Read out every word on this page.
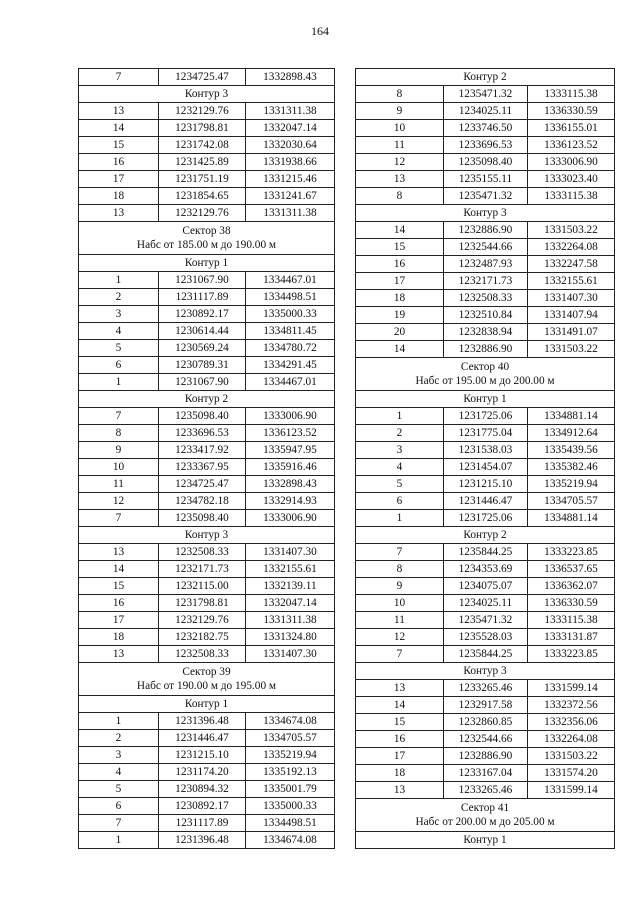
164
7	1234725.47	1332898.43
Контур 3		
13	1232129.76	1331311.38
14	1231798.81	1332047.14
15	1231742.08	1332030.64
16	1231425.89	1331938.66
17	1231751.19	1331215.46
18	1231854.65	1331241.67
13	1232129.76	1331311.38

Сектор 38
Набс от 185.00 м до 190.00 м		

Контур 1		
1	1231067.90	1334467.01
2	1231117.89	1334498.51
3	1230892.17	1335000.33
4	1230614.44	1334811.45
5	1230569.24	1334780.72
6	1230789.31	1334291.45
1	1231067.90	1334467.01
Контур 2		
7	1235098.40	1333006.90
8	1233696.53	1336123.52
9	1233417.92	1335947.95
10	1233367.95	1335916.46
11	1234725.47	1332898.43
12	1234782.18	1332914.93
7	1235098.40	1333006.90
Контур 3		
13	1232508.33	1331407.30
14	1232171.73	1332155.61
15	1232115.00	1332139.11
16	1231798.81	1332047.14
17	1232129.76	1331311.38
18	1232182.75	1331324.80
13	1232508.33	1331407.30

Сектор 39
Набс от 190.00 м до 195.00 м		

Контур 1		
1	1231396.48	1334674.08
2	1231446.47	1334705.57
3	1231215.10	1335219.94
4	1231174.20	1335192.13
5	1230894.32	1335001.79
6	1230892.17	1335000.33
7	1231117.89	1334498.51
1	1231396.48	1334674.08
Контур 2		
8	1235471.32	1333115.38
9	1234025.11	1336330.59
10	1233746.50	1336155.01
11	1233696.53	1336123.52
12	1235098.40	1333006.90
13	1235155.11	1333023.40
8	1235471.32	1333115.38
Контур 3		
14	1232886.90	1331503.22
15	1232544.66	1332264.08
16	1232487.93	1332247.58
17	1232171.73	1332155.61
18	1232508.33	1331407.30
19	1232510.84	1331407.94
20	1232838.94	1331491.07
14	1232886.90	1331503.22

Сектор 40
Набс от 195.00 м до 200.00 м		

Контур 1		
1	1231725.06	1334881.14
2	1231775.04	1334912.64
3	1231538.03	1335439.56
4	1231454.07	1335382.46
5	1231215.10	1335219.94
6	1231446.47	1334705.57
1	1231725.06	1334881.14
Контур 2		
7	1235844.25	1333223.85
8	1234353.69	1336537.65
9	1234075.07	1336362.07
10	1234025.11	1336330.59
11	1235471.32	1333115.38
12	1235528.03	1333131.87
7	1235844.25	1333223.85
Контур 3		
13	1233265.46	1331599.14
14	1232917.58	1332372.56
15	1232860.85	1332356.06
16	1232544.66	1332264.08
17	1232886.90	1331503.22
18	1233167.04	1331574.20
13	1233265.46	1331599.14

Сектор 41
Набс от 200.00 м до 205.00 м		

Контур 1		
